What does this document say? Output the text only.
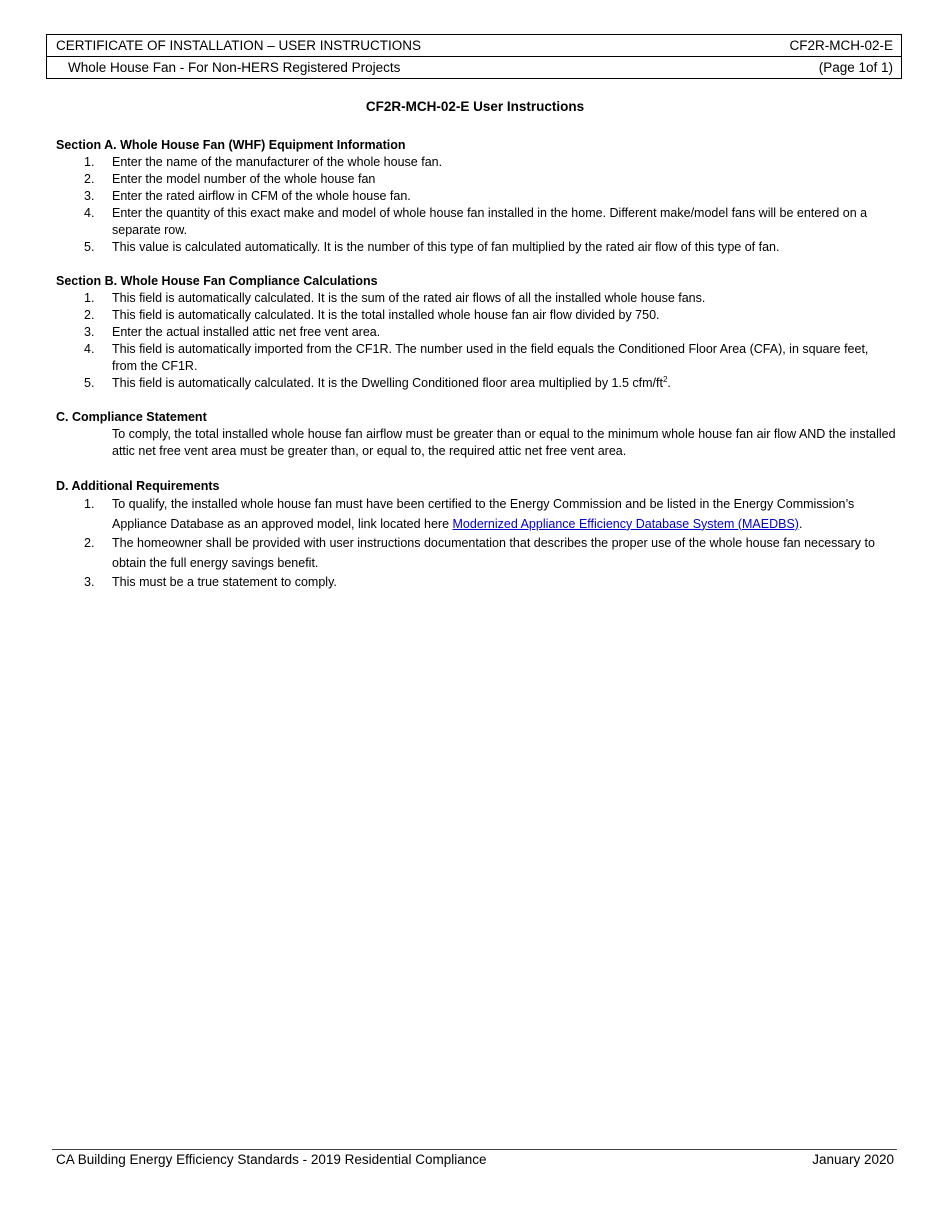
CERTIFICATE OF INSTALLATION – USER INSTRUCTIONS	CF2R-MCH-02-E
Whole House Fan - For Non-HERS Registered Projects	(Page 1of 1)
CF2R-MCH-02-E User Instructions
Section A. Whole House Fan (WHF) Equipment Information
1. Enter the name of the manufacturer of the whole house fan.
2. Enter the model number of the whole house fan
3. Enter the rated airflow in CFM of the whole house fan.
4. Enter the quantity of this exact make and model of whole house fan installed in the home. Different make/model fans will be entered on a separate row.
5. This value is calculated automatically. It is the number of this type of fan multiplied by the rated air flow of this type of fan.
Section B. Whole House Fan Compliance Calculations
1. This field is automatically calculated. It is the sum of the rated air flows of all the installed whole house fans.
2. This field is automatically calculated. It is the total installed whole house fan air flow divided by 750.
3. Enter the actual installed attic net free vent area.
4. This field is automatically imported from the CF1R. The number used in the field equals the Conditioned Floor Area (CFA), in square feet, from the CF1R.
5. This field is automatically calculated. It is the Dwelling Conditioned floor area multiplied by 1.5 cfm/$ft^2$.
C. Compliance Statement
To comply, the total installed whole house fan airflow must be greater than or equal to the minimum whole house fan air flow AND the installed attic net free vent area must be greater than, or equal to, the required attic net free vent area.
D. Additional Requirements
1. To qualify, the installed whole house fan must have been certified to the Energy Commission and be listed in the Energy Commission’s Appliance Database as an approved model, link located here Modernized Appliance Efficiency Database System (MAEDBS).
2. The homeowner shall be provided with user instructions documentation that describes the proper use of the whole house fan necessary to obtain the full energy savings benefit.
3. This must be a true statement to comply.
CA Building Energy Efficiency Standards - 2019 Residential Compliance	January 2020
